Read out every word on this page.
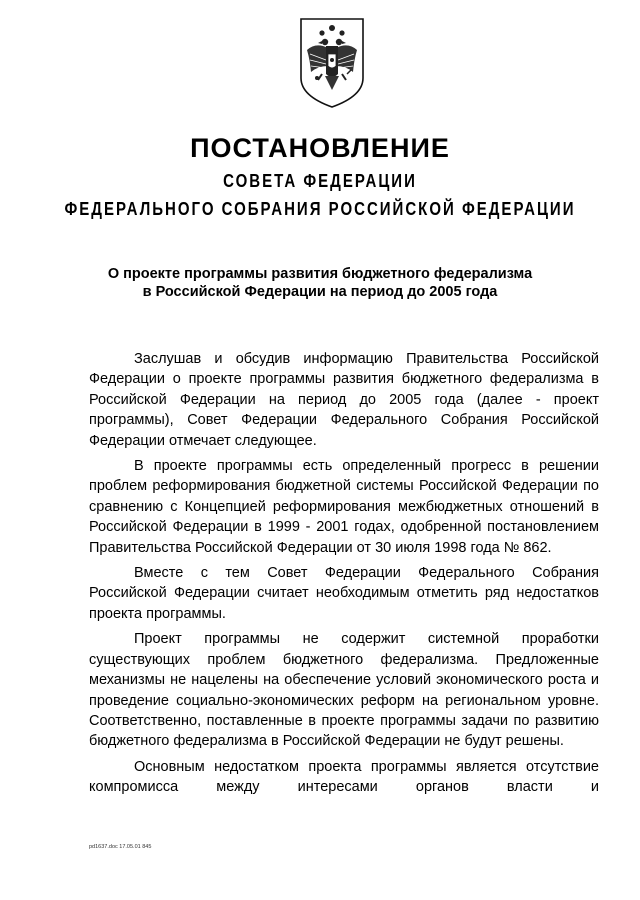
ПОСТАНОВЛЕНИЕ
СОВЕТА ФЕДЕРАЦИИ
ФЕДЕРАЛЬНОГО СОБРАНИЯ РОССИЙСКОЙ ФЕДЕРАЦИИ
О проекте программы развития бюджетного федерализма
в Российской Федерации на период до 2005 года

Заслушав и обсудив информацию Правительства Российской Федерации о проекте программы развития бюджетного федерализма в Российской Федерации на период до 2005 года (далее - проект программы), Совет Федерации Федерального Собрания Российской Федерации отмечает следующее.

В проекте программы есть определенный прогресс в решении проблем реформирования бюджетной системы Российской Федерации по сравнению с Концепцией реформирования межбюджетных отношений в Российской Федерации в 1999 - 2001 годах, одобренной постановлением Правительства Российской Федерации от 30 июля 1998 года № 862.

Вместе с тем Совет Федерации Федерального Собрания Российской Федерации считает необходимым отметить ряд недостатков проекта программы.

Проект программы не содержит системной проработки существующих проблем бюджетного федерализма. Предложенные механизмы не нацелены на обеспечение условий экономического роста и проведение социально-экономических реформ на региональном уровне. Соответственно, поставленные в проекте программы задачи по развитию бюджетного федерализма в Российской Федерации не будут решены.

Основным недостатком проекта программы является отсутствие компромисса между интересами органов власти и

pd1637.doc 17.05.01 845
